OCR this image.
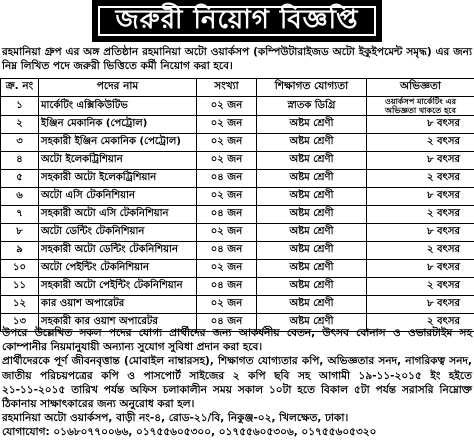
জরুরী নিয়োগ বিজ্ঞপ্তি
রহমানিয়া গ্রুপ এর অঙ্গ প্রতিষ্ঠান রহমানিয়া অটো ওয়ার্কসপ (কম্পিউটারাইজড অটো ইকুইপমেন্ট সমৃদ্ধ) এর জন্য নিম্ন লিখিত পদে জরুরী ভিত্তিতে কর্মী নিয়োগ করা হবে।
ক্র. নং	পদের নাম	সংখ্যা	শিক্ষাগত যোগ্যতা	অভিজ্ঞতা
১	মার্কেটিং এক্সিকিউটিভ	০২ জন	স্নাতক ডিগ্রি	ওয়ার্কসপ মার্কেটিং এর অভিজ্ঞতা থাকতে হবে
২	ইঞ্জিন মেকানিক (পেট্রোল)	০২ জন	অষ্টম শ্রেণী	৮ বৎসর
৩	সহকারী ইঞ্জিন মেকানিক (পেট্রোল)	০২ জন	অষ্টম শ্রেণী	২ বৎসর
৪	অটো ইলেকট্রিশিয়ান	০২ জন	অষ্টম শ্রেণী	৮ বৎসর
৫	সহকারী অটো ইলেকট্রিশিয়ান	০৪ জন	অষ্টম শ্রেণী	২ বৎসর
৬	অটো এসি টেকনিশিয়ান	০২ জন	অষ্টম শ্রেণী	৮ বৎসর
৭	সহকারী অটো এসি টেকনিশিয়ান	০৪ জন	অষ্টম শ্রেণী	২ বৎসর
৮	অটো ডেন্টিং টেকনিশিয়ান	০২ জন	অষ্টম শ্রেণী	৮ বৎসর
৯	সহকারী অটো ডেন্টিং টেকনিশিয়ান	০৪ জন	অষ্টম শ্রেণী	২ বৎসর
১০	অটো পেইন্টিং টেকনিশিয়ান	০২ জন	অষ্টম শ্রেণী	৮ বৎসর
১১	সহকারী অটো পেইন্টিং টেকনিশিয়ান	০৪ জন	অষ্টম শ্রেণী	২ বৎসর
১২	কার ওয়াশ অপারেটর	০২ জন	অষ্টম শ্রেণী	৮ বৎসর
১৩	সহকারী কার ওয়াশ অপারেটর	০৪ জন	অষ্টম শ্রেণী	২ বৎসর

উপরে উল্লেখিত সকল পদের যোগ্য প্রার্থীদের জন্য আকর্ষনীয় বেতন, উৎসব বোনাস ও ওভারটাইম সহ কোম্পানীর নিয়মানুযায়ী অন্যান্য সুযোগ সুবিধা প্রদান করা হবে।

প্রার্থীদেরকে পূর্ণ জীবনবৃত্তান্ত (মোবাইল নাম্বারসহ), শিক্ষাগত যোগ্যতার কপি, অভিজ্ঞতার সনদ, নাগরিকত্ব সনদ, জাতীয় পরিচয়পত্রের কপি ও পাসপোর্ট সাইজের ২ কপি ছবি সহ আগামী ১৯-১১-২০১৫ ইং হইতে ২১-১১-২০১৫ তারিখ পর্যন্ত অফিস চলাকালীন সময় সকাল ১০টা হতে বিকাল ৫টা পর্যন্ত সরাসরি নিম্নোক্ত ঠিকানায় সাক্ষাৎকারের জন্য অনুরোধ করা হল।

রহমানিয়া অটো ওয়ার্কসপ, বাড়ী নং-৪, রোড-২১/বি, নিকুঞ্জ-০২, খিলক্ষেত, ঢাকা।

যোগাযোগ: ০১৬৮০৭৭০০৬৬, ০১৭৫৫৬০৫৩০০, ০১৭৫৫৬০৫৩০৬, ০১৭৫৫৬০৫৩২০
